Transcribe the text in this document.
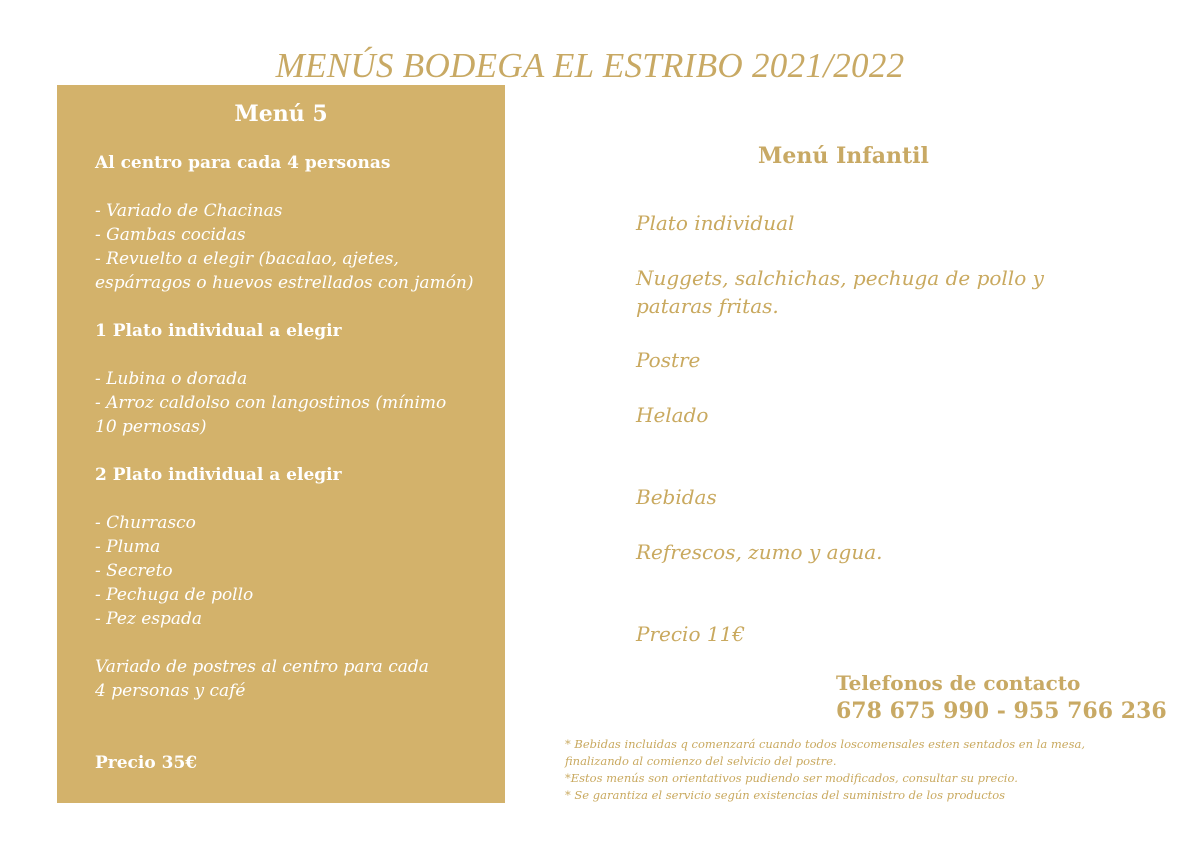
MENÚS BODEGA EL ESTRIBO 2021/2022
Menú 5
Al centro para cada 4 personas
- Variado de Chacinas
- Gambas cocidas
- Revuelto a elegir (bacalao, ajetes,
espárragos o huevos estrellados con jamón)
1 Plato individual a elegir
- Lubina o dorada
- Arroz caldolso con langostinos (mínimo
10 pernosas)
2 Plato individual a elegir
- Churrasco
- Pluma
- Secreto
- Pechuga de pollo
- Pez espada
Variado de postres al centro para cada
4 personas y café
Precio 35€
Menú Infantil
Plato individual
Nuggets, salchichas, pechuga de pollo y
pataras fritas.
Postre
Helado
Bebidas
Refrescos, zumo y agua.
Precio 11€
Telefonos de contacto
678 675 990 - 955 766 236
* Bebidas incluidas q comenzará cuando todos loscomensales esten sentados en la mesa,
finalizando al comienzo del selvicio del postre.
*Estos menús son orientativos pudiendo ser modificados, consultar su precio.
* Se garantiza el servicio según existencias del suministro de los productos
